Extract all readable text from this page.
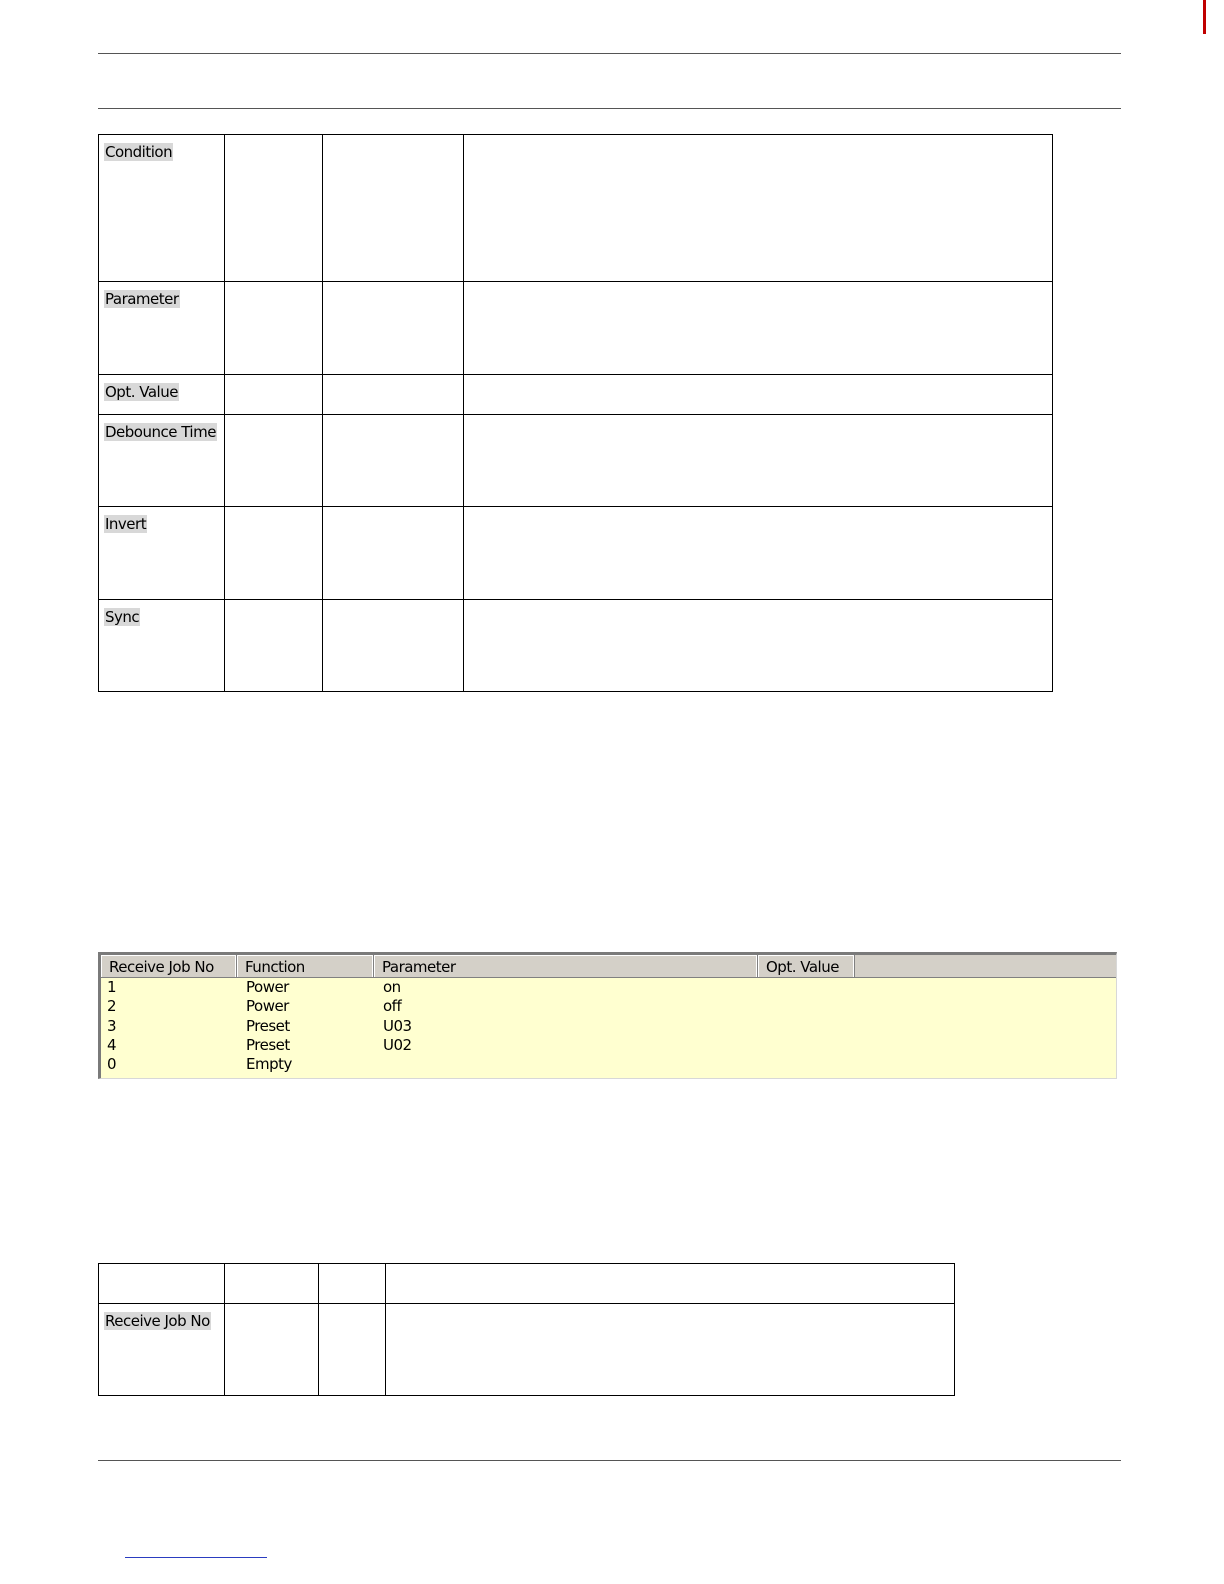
Condition			
Parameter			
Opt. Value			
Debounce Time			
Invert			
Sync			
Receive Job No	Function	Parameter	Opt. Value
1	Power	on
2	Power	off
3	Preset	U03
4	Preset	U02
0	Empty

Receive Job No			
